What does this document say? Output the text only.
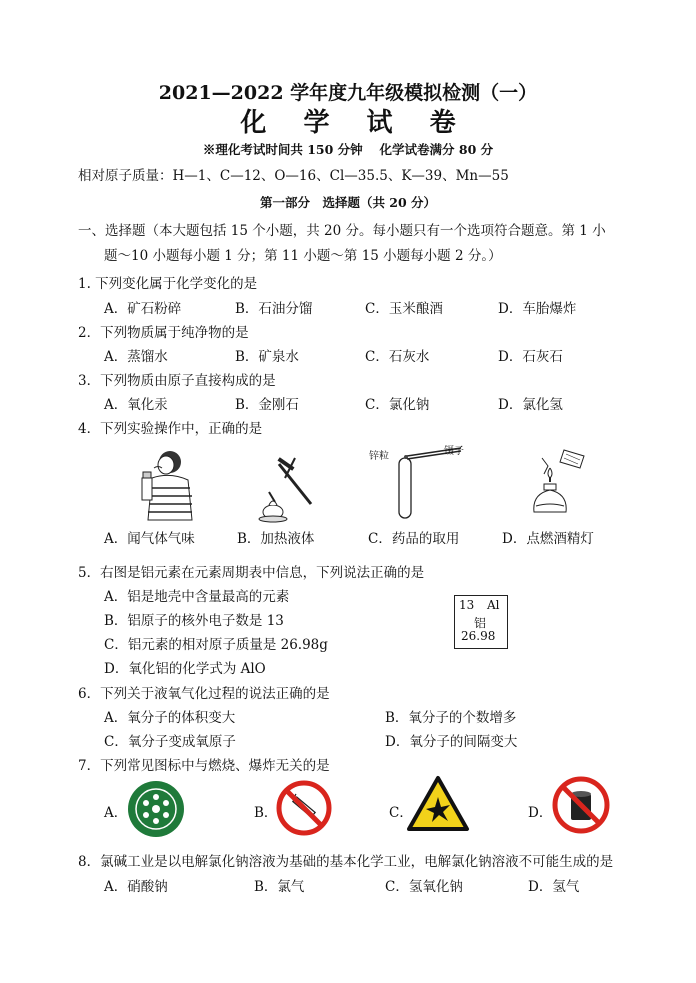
2021—2022 学年度九年级模拟检测（一）
化 学 试 卷
※理化考试时间共 150 分钟　 化学试卷满分 80 分
相对原子质量：H—1、C—12、O—16、Cl—35.5、K—39、Mn—55
第一部分　选择题（共 20 分）
一、选择题（本大题包括 15 个小题，共 20 分。每小题只有一个选项符合题意。第 1 小
题～10 小题每小题 1 分；第 11 小题～第 15 小题每小题 2 分。）
1. 下列变化属于化学变化的是
A．矿石粉碎	B．石油分馏	C．玉米酿酒	D．车胎爆炸
2．下列物质属于纯净物的是
A．蒸馏水	B．矿泉水	C．石灰水	D．石灰石
3．下列物质由原子直接构成的是
A．氧化汞	B．金刚石	C．氯化钠	D．氯化氢
4．下列实验操作中，正确的是
锌粒	镊子
A．闻气体气味	B．加热液体	C．药品的取用	D．点燃酒精灯
5．右图是铝元素在元素周期表中信息，下列说法正确的是
A．铝是地壳中含量最高的元素
B．铝原子的核外电子数是 13
C．铝元素的相对原子质量是 26.98g
D．氧化铝的化学式为 AlO
13 Al
铝
26.98
6．下列关于液氧气化过程的说法正确的是
A．氧分子的体积变大	B．氧分子的个数增多
C．氧分子变成氧原子	D．氧分子的间隔变大
7．下列常见图标中与燃烧、爆炸无关的是
A．	B．	C．	D．
8．氯碱工业是以电解氯化钠溶液为基础的基本化学工业，电解氯化钠溶液不可能生成的是
A．硝酸钠	B．氯气	C．氢氧化钠	D．氢气
